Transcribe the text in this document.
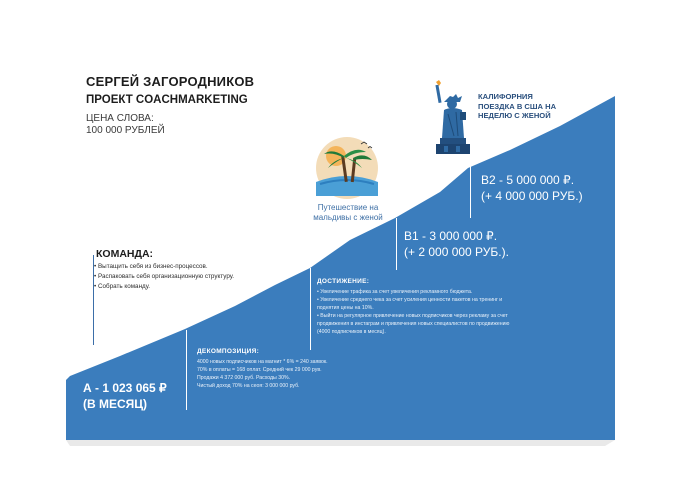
СЕРГЕЙ ЗАГОРОДНИКОВ
ПРОЕКТ COACHMARKETING
ЦЕНА СЛОВА:
100 000 РУБЛЕЙ
КОМАНДА:
• Вытащить себя из бизнес-процессов.
• Распаковать себя организационную структуру.
• Собрать команду.
А - 1 023 065 ₽
(В МЕСЯЦ)
ДЕКОМПОЗИЦИЯ:
4000 новых подписчиков на магнит * 6% = 240 заявок.
70% в оплаты = 168 оплат. Средний чек 29 000 рув.
Продажи 4 372 000 руб. Расходы 30%.
Чистый доход 70% на сеоя: 3 000 000 руб.
ДОСТИЖЕНИЕ:
• Увеличение трафика за счет увеличения рекламного бюджета.
• Увеличение среднего чека за счет усиления ценности пакетов на тренинг и поднятия цены на 10%.
• Выйти на регулярное привлечение новых подписчиков через рекламу за счет продвижения в инстаграм и привлечения новых специалистов по продвижению (4000 подписчиков в месяц).
В1 - 3 000 000 ₽.
(+ 2 000 000 РУБ.).
В2 - 5 000 000 ₽.
(+ 4 000 000 РУБ.)
Путешествие на
мальдивы с женой
КАЛИФОРНИЯ
ПОЕЗДКА В США НА
НЕДЕЛЮ С ЖЕНОЙ
